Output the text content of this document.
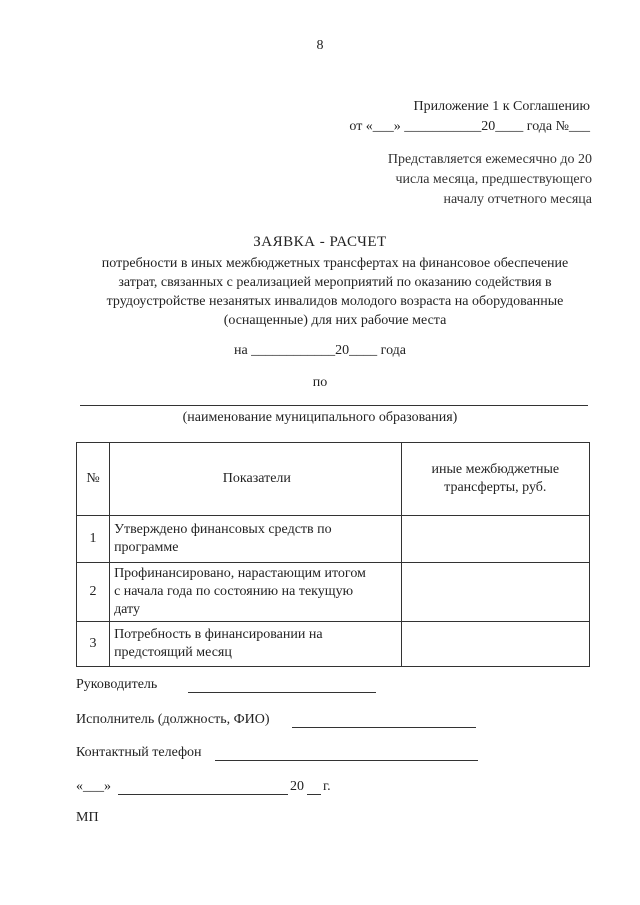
8
Приложение 1 к Соглашению
от «___» ___________20____ года №___
Представляется ежемесячно до 20
числа месяца, предшествующего
началу отчетного месяца
ЗАЯВКА - РАСЧЕТ
потребности в иных межбюджетных трансфертах на финансовое обеспечение
затрат, связанных с реализацией мероприятий по оказанию содействия в
трудоустройстве незанятых инвалидов молодого возраста на оборудованные
(оснащенные) для них рабочие места
на ____________20____ года
по
(наименование муниципального образования)
№	Показатели	иные межбюджетные
трансферты, руб.

1	Утверждено финансовых средств по
программе	

2	Профинансировано, нарастающим итогом
с начала года по состоянию на текущую
дату	

3	Потребность в финансировании на
предстоящий месяц	

Руководитель
Исполнитель (должность, ФИО)
Контактный телефон
«___»	20 г.
МП
